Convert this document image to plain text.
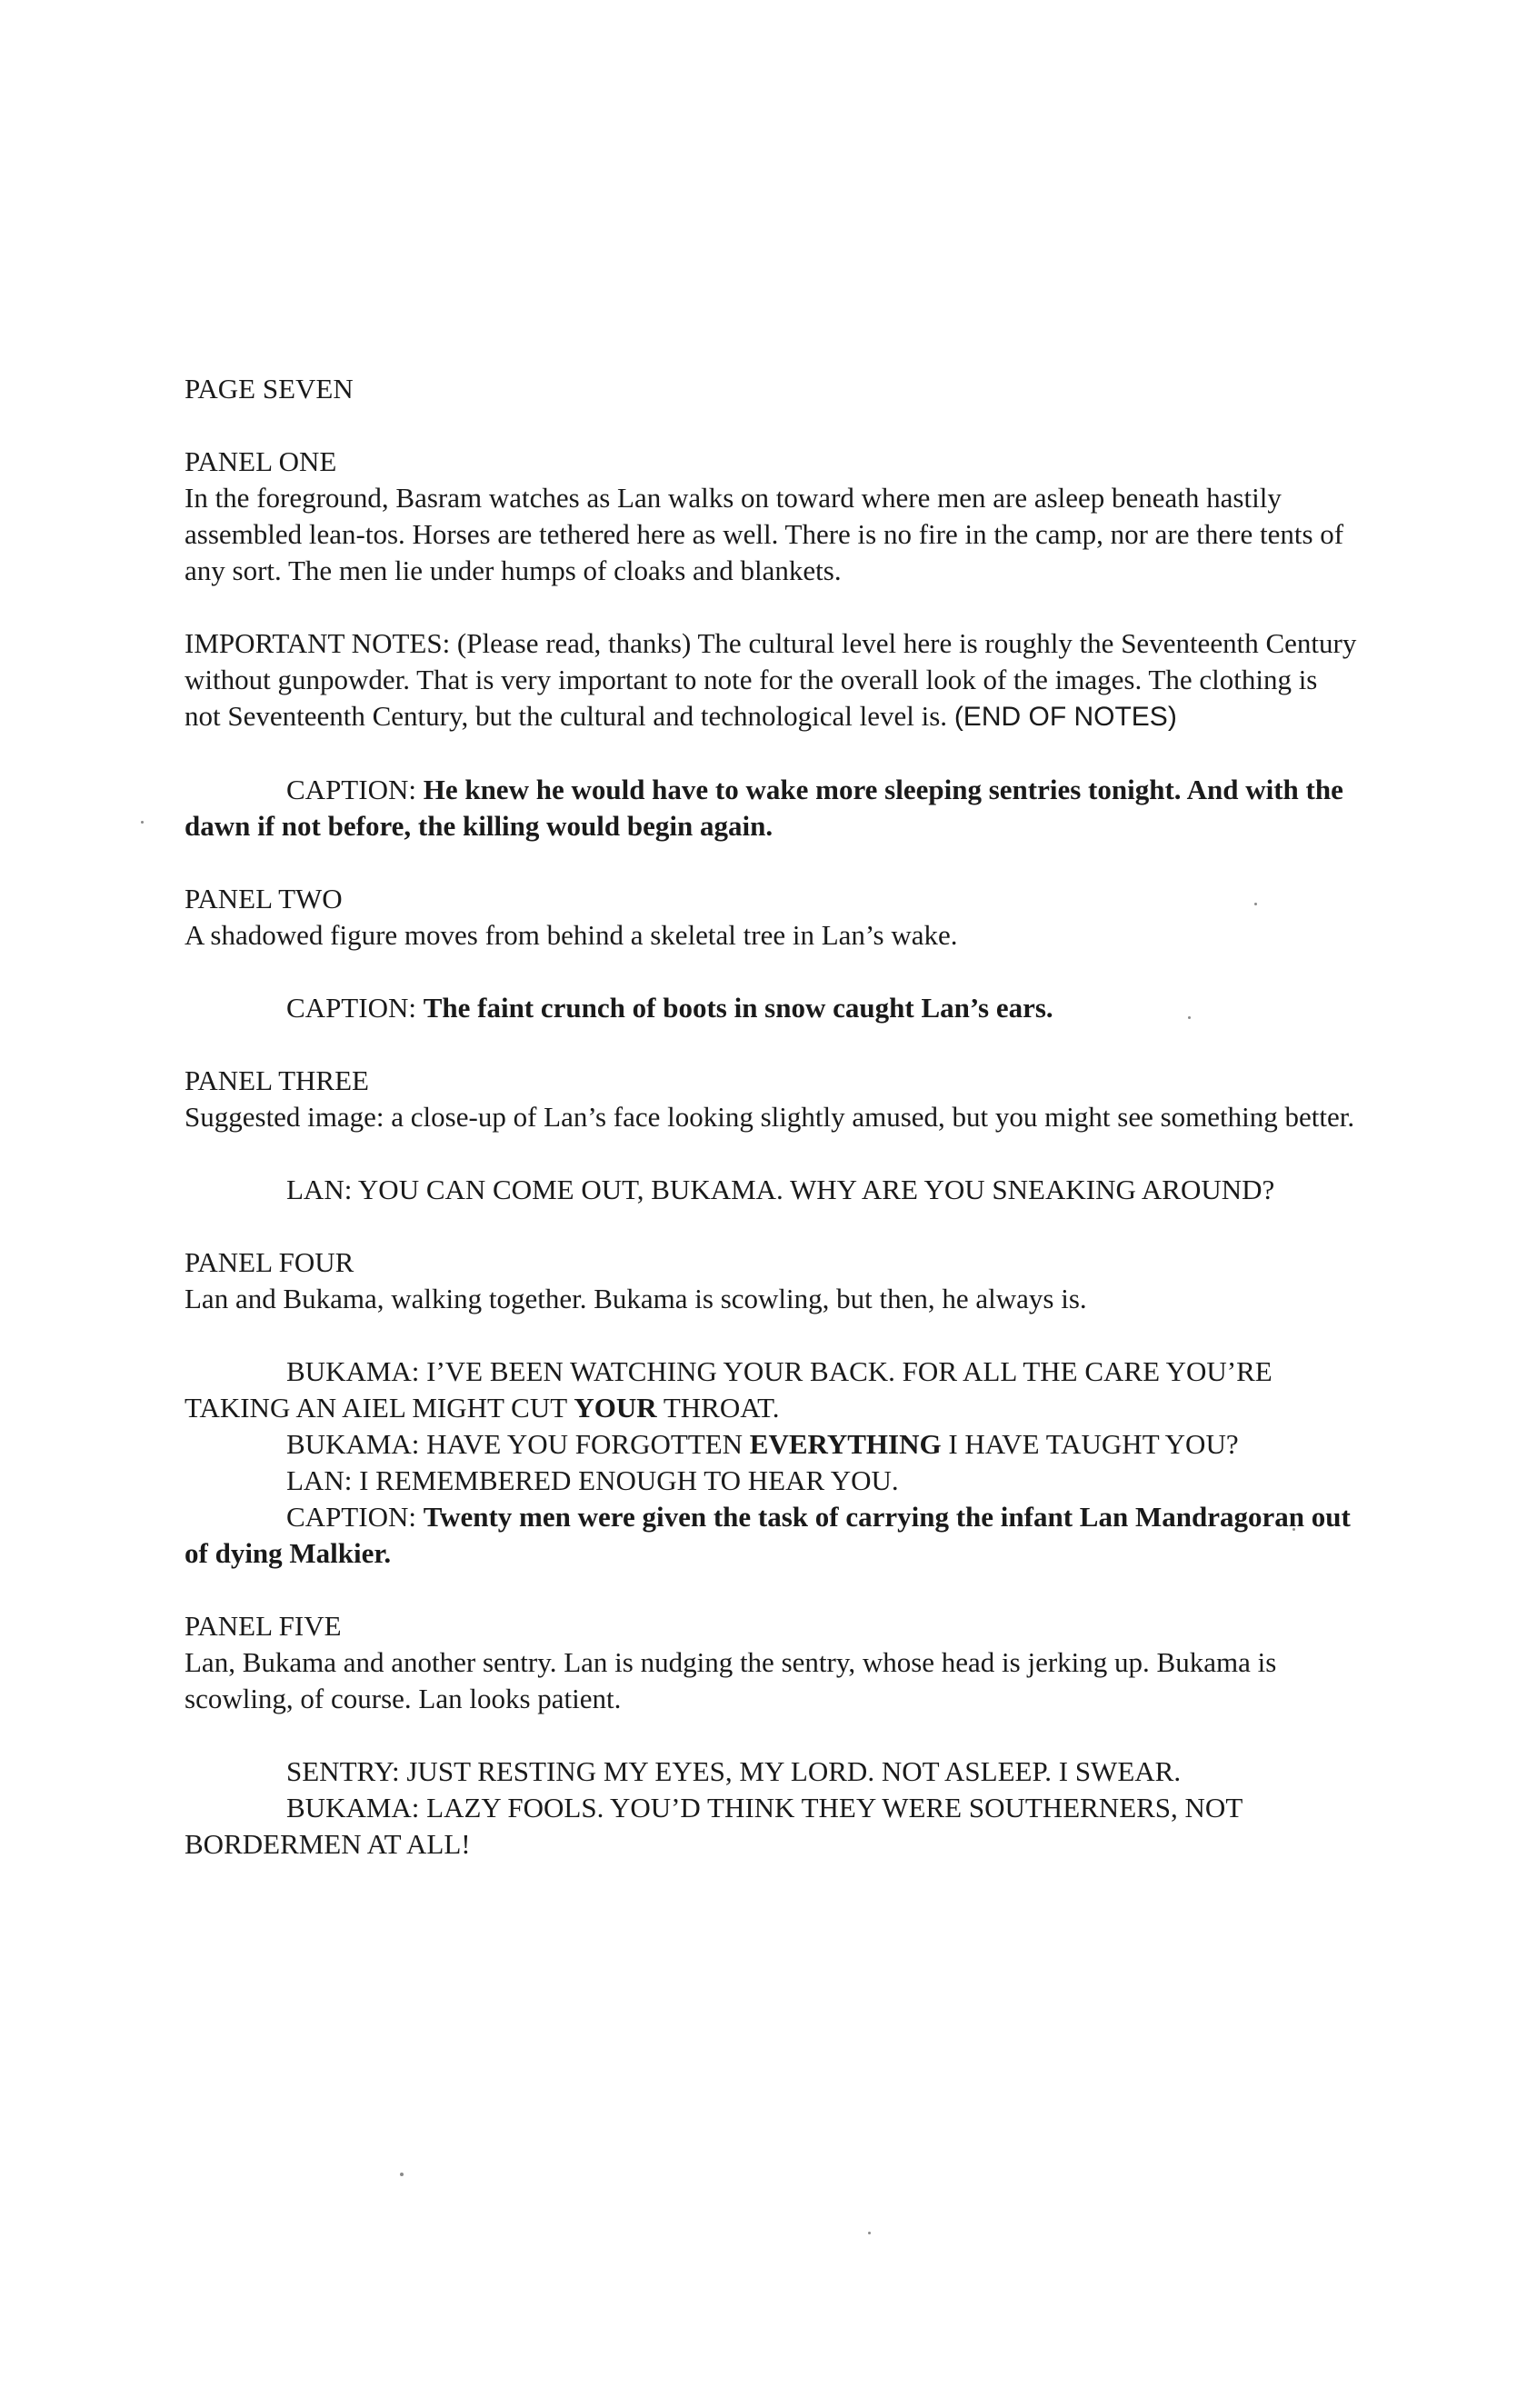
PAGE SEVEN

PANEL ONE

In the foreground, Basram watches as Lan walks on toward where men are asleep beneath hastily assembled lean-tos. Horses are tethered here as well. There is no fire in the camp, nor are there tents of any sort. The men lie under humps of cloaks and blankets.

IMPORTANT NOTES: (Please read, thanks) The cultural level here is roughly the Seventeenth Century without gunpowder. That is very important to note for the overall look of the images. The clothing is not Seventeenth Century, but the cultural and technological level is. (END OF NOTES)

CAPTION: He knew he would have to wake more sleeping sentries tonight. And with the dawn if not before, the killing would begin again.

PANEL TWO

A shadowed figure moves from behind a skeletal tree in Lan’s wake.

CAPTION: The faint crunch of boots in snow caught Lan’s ears.

PANEL THREE

Suggested image: a close-up of Lan’s face looking slightly amused, but you might see something better.

LAN: YOU CAN COME OUT, BUKAMA. WHY ARE YOU SNEAKING AROUND?

PANEL FOUR

Lan and Bukama, walking together. Bukama is scowling, but then, he always is.

BUKAMA: I’VE BEEN WATCHING YOUR BACK. FOR ALL THE CARE YOU’RE TAKING AN AIEL MIGHT CUT YOUR THROAT.

BUKAMA: HAVE YOU FORGOTTEN EVERYTHING I HAVE TAUGHT YOU?

LAN: I REMEMBERED ENOUGH TO HEAR YOU.

CAPTION: Twenty men were given the task of carrying the infant Lan Mandragoran out of dying Malkier.

PANEL FIVE

Lan, Bukama and another sentry. Lan is nudging the sentry, whose head is jerking up. Bukama is scowling, of course. Lan looks patient.

SENTRY: JUST RESTING MY EYES, MY LORD. NOT ASLEEP. I SWEAR.

BUKAMA: LAZY FOOLS. YOU’D THINK THEY WERE SOUTHERNERS, NOT BORDERMEN AT ALL!
